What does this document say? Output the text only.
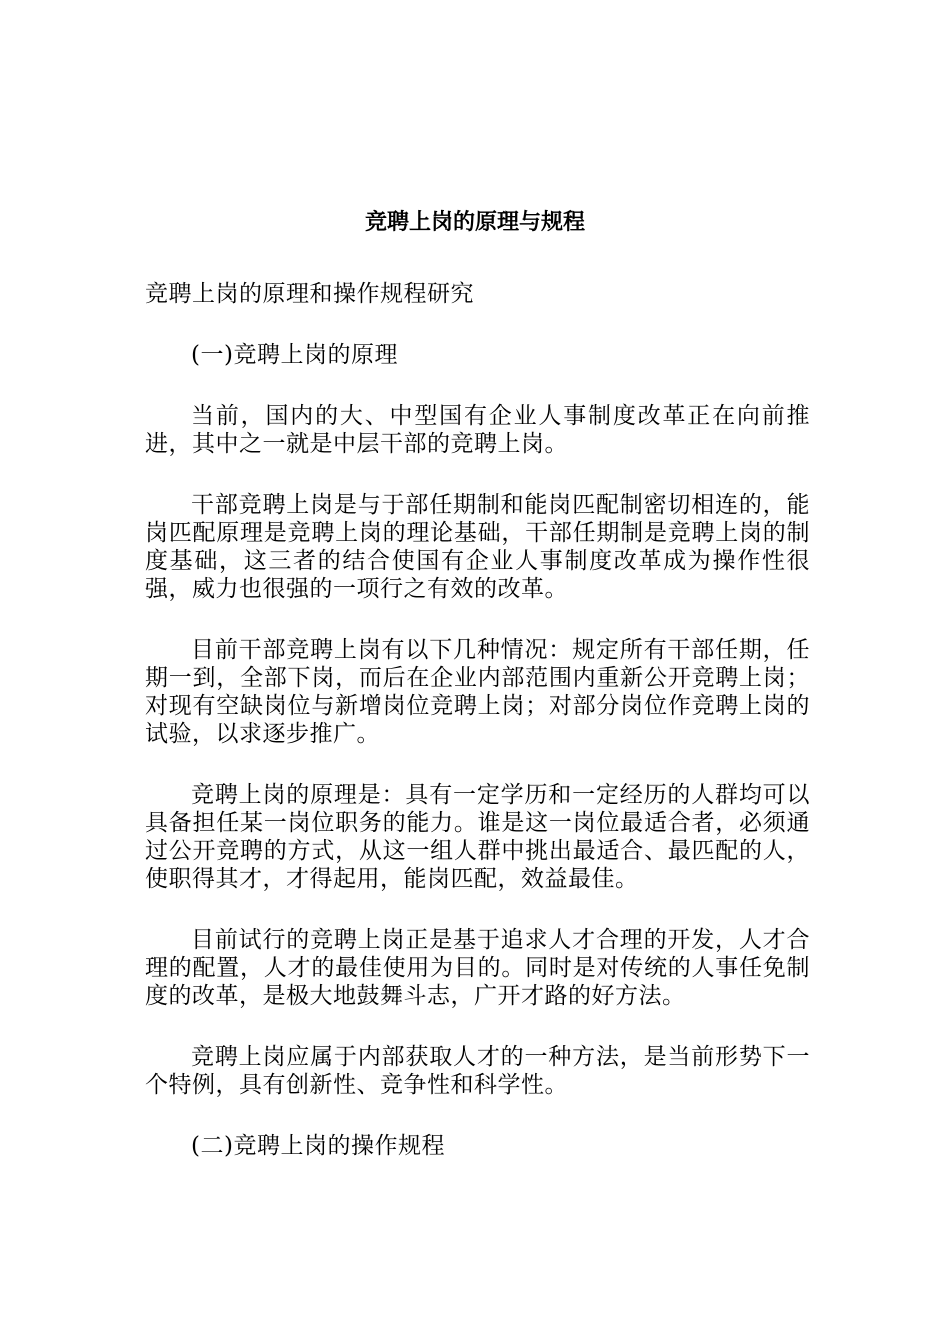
竞聘上岗的原理与规程

竞聘上岗的原理和操作规程研究

(一)竞聘上岗的原理

当前，国内的大、中型国有企业人事制度改革正在向前推进，其中之一就是中层干部的竞聘上岗。

干部竞聘上岗是与于部任期制和能岗匹配制密切相连的，能岗匹配原理是竞聘上岗的理论基础，干部任期制是竞聘上岗的制度基础，这三者的结合使国有企业人事制度改革成为操作性很强，威力也很强的一项行之有效的改革。

目前干部竞聘上岗有以下几种情况：规定所有干部任期，任期一到，全部下岗，而后在企业内部范围内重新公开竞聘上岗；对现有空缺岗位与新增岗位竞聘上岗；对部分岗位作竞聘上岗的试验，以求逐步推广。

竞聘上岗的原理是：具有一定学历和一定经历的人群均可以具备担任某一岗位职务的能力。谁是这一岗位最适合者，必须通过公开竞聘的方式，从这一组人群中挑出最适合、最匹配的人，使职得其才，才得起用，能岗匹配，效益最佳。

目前试行的竞聘上岗正是基于追求人才合理的开发，人才合理的配置，人才的最佳使用为目的。同时是对传统的人事任免制度的改革，是极大地鼓舞斗志，广开才路的好方法。

竞聘上岗应属于内部获取人才的一种方法，是当前形势下一个特例，具有创新性、竞争性和科学性。

(二)竞聘上岗的操作规程
